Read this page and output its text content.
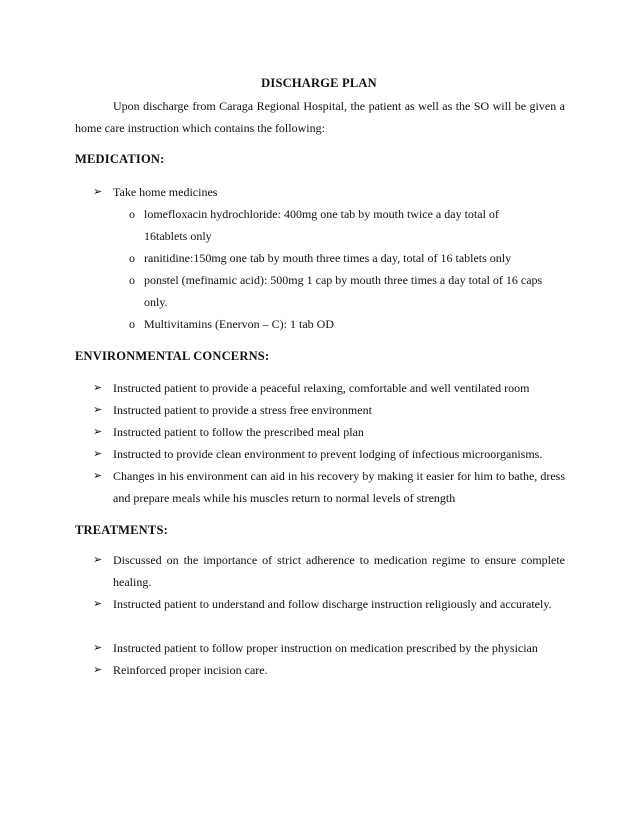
DISCHARGE PLAN
Upon discharge from Caraga Regional Hospital, the patient as well as the SO will be given a home care instruction which contains the following:
MEDICATION:
➢ Take home medicines
o lomefloxacin hydrochloride: 400mg one tab by mouth twice a day total of 16tablets only
o ranitidine:150mg one tab by mouth three times a day, total of 16 tablets only
o ponstel (mefinamic acid): 500mg 1 cap by mouth three times a day total of 16 caps only.
o Multivitamins (Enervon – C): 1 tab OD
ENVIRONMENTAL CONCERNS:
➢ Instructed patient to provide a peaceful relaxing, comfortable and well ventilated room
➢ Instructed patient to provide a stress free environment
➢ Instructed patient to follow the prescribed meal plan
➢ Instructed to provide clean environment to prevent lodging of infectious microorganisms.
➢ Changes in his environment can aid in his recovery by making it easier for him to bathe, dress and prepare meals while his muscles return to normal levels of strength
TREATMENTS:
➢ Discussed on the importance of strict adherence to medication regime to ensure complete healing.
➢ Instructed patient to understand and follow discharge instruction religiously and accurately.
➢ Instructed patient to follow proper instruction on medication prescribed by the physician
➢ Reinforced proper incision care.
